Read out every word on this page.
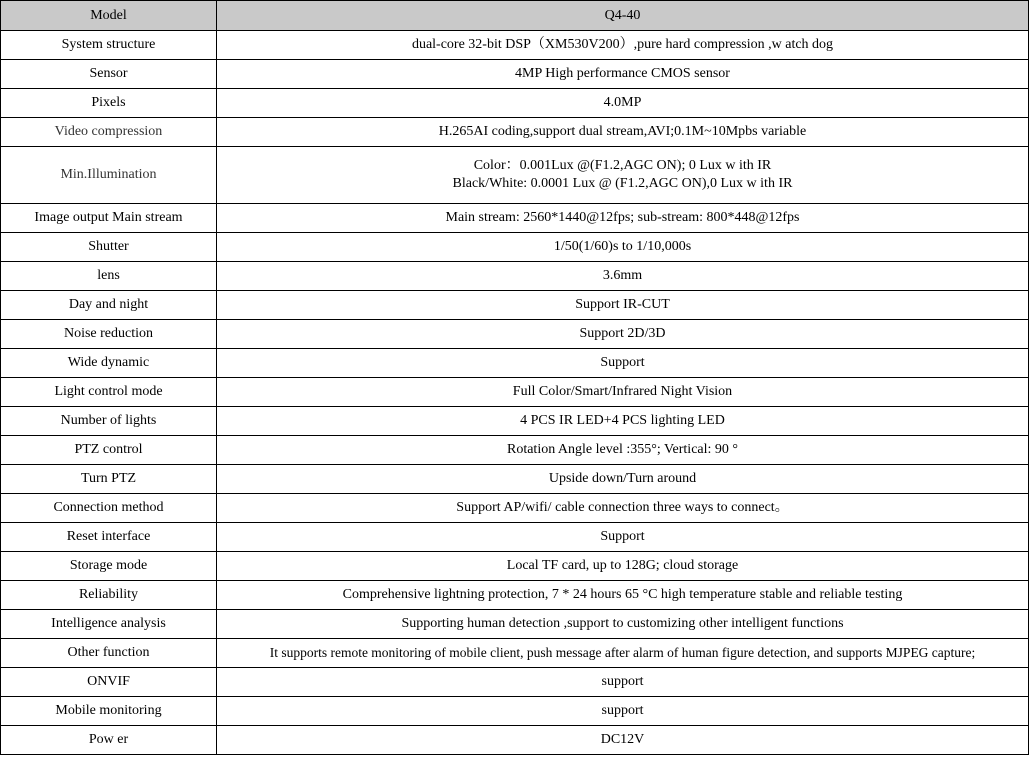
Model	Q4-40
System structure	dual-core 32-bit DSP（XM530V200）,pure hard compression ,w atch dog
Sensor	4MP High performance CMOS sensor
Pixels	4.0MP
Video compression	H.265AI coding,support dual stream,AVI;0.1M~10Mpbs variable
Min.Illumination	Color：0.001Lux @(F1.2,AGC ON); 0 Lux w ith IR
Black/White: 0.0001 Lux @ (F1.2,AGC ON),0 Lux w ith IR

Image output Main stream	Main stream: 2560*1440@12fps; sub-stream: 800*448@12fps
Shutter	1/50(1/60)s to 1/10,000s
lens	3.6mm
Day and night	Support IR-CUT
Noise reduction	Support 2D/3D
Wide dynamic	Support
Light control mode	Full Color/Smart/Infrared Night Vision
Number of lights	4 PCS IR LED+4 PCS lighting LED
PTZ control	Rotation Angle level :355°; Vertical: 90 °
Turn PTZ	Upside down/Turn around
Connection method	Support AP/wifi/ cable connection three ways to connect。
Reset interface	Support
Storage mode	Local TF card, up to 128G; cloud storage
Reliability	Comprehensive lightning protection, 7 * 24 hours 65 °C high temperature stable and reliable testing
Intelligence analysis	Supporting human detection ,support to customizing other intelligent functions
Other function	It supports remote monitoring of mobile client, push message after alarm of human figure detection, and supports MJPEG capture;
ONVIF	support
Mobile monitoring	support
Pow er	DC12V
